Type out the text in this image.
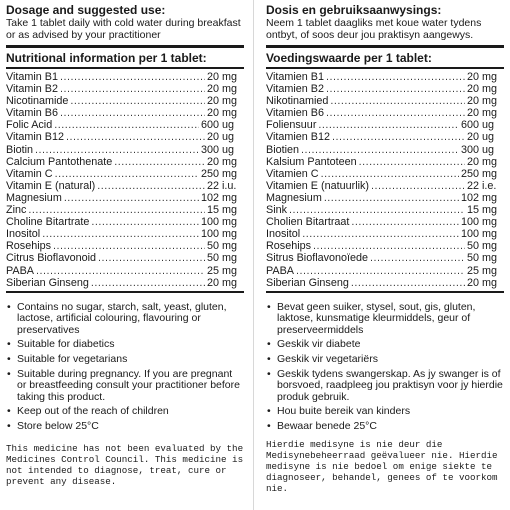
Dosage and suggested use:

Take 1 tablet daily with cold water during breakfast or as advised by your practitioner

Nutritional information per 1 tablet:
Vitamin B1 .....	20 mg
Vitamin B2 .....	20 mg
Nicotinamide .....	20 mg
Vitamin B6 .....	20 mg
Folic Acid .....	600 ug
Vitamin B12 .....	20 ug
Biotin .....	300 ug
Calcium Pantothenate .....	20 mg
Vitamin C .....	250 mg
Vitamin E (natural) .....	22 i.u.
Magnesium .....	102 mg
Zinc .....	15 mg
Choline Bitartrate .....	100 mg
Inositol .....	100 mg
Rosehips .....	50 mg
Citrus Bioflavonoid .....	50 mg
PABA .....	25 mg
Siberian Ginseng .....	20 mg
• Contains no sugar, starch, salt, yeast, gluten, lactose, artificial colouring, flavouring or preservatives
• Suitable for diabetics
• Suitable for vegetarians
• Suitable during pregnancy. If you are pregnant or breastfeeding consult your practitioner before taking this product.
• Keep out of the reach of children
• Store below 25°C
This medicine has not been evaluated by the Medicines Control Council. This medicine is not intended to diagnose, treat, cure or prevent any disease.

Dosis en gebruiksaanwysings:

Neem 1 tablet daagliks met koue water tydens ontbyt, of soos deur jou praktisyn aangewys.

Voedingswaarde per 1 tablet:
Vitamien B1 .....	20 mg
Vitamien B2 .....	20 mg
Nikotinamied .....	20 mg
Vitamien B6 .....	20 mg
Foliensuur .....	600 ug
Vitamien B12 .....	20 ug
Biotien .....	300 ug
Kalsium Pantoteen .....	20 mg
Vitamien C .....	250 mg
Vitamien E (natuurlik) .....	22 i.e.
Magnesium .....	102 mg
Sink .....	15 mg
Cholien Bitartraat .....	100 mg
Inositol .....	100 mg
Rosehips .....	50 mg
Sitrus Bioflavonoïede .....	50 mg
PABA .....	25 mg
Siberian Ginseng .....	20 mg
• Bevat geen suiker, stysel, sout, gis, gluten, laktose, kunsmatige kleurmiddels, geur of preserveermiddels
• Geskik vir diabete
• Geskik vir vegetariërs
• Geskik tydens swangerskap. As jy swanger is of borsvoed, raadpleeg jou praktisyn voor jy hierdie produk gebruik.
• Hou buite bereik van kinders
• Bewaar benede 25°C
Hierdie medisyne is nie deur die Medisynebeheerraad geëvalueer nie. Hierdie medisyne is nie bedoel om enige siekte te diagnoseer, behandel, genees of te voorkom nie.
